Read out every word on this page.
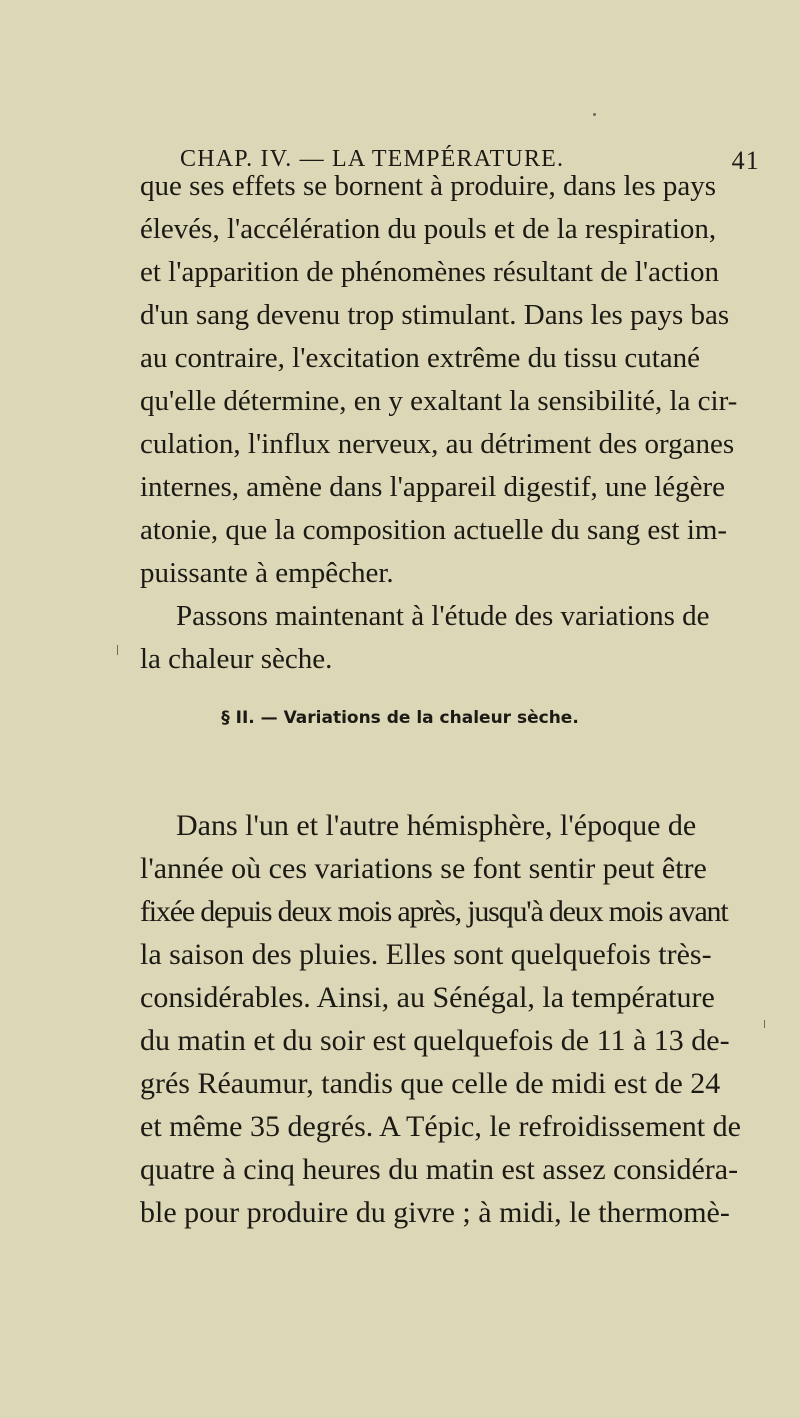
CHAP. IV. — LA TEMPÉRATURE.	41
que ses effets se bornent à produire, dans les pays
élevés, l'accélération du pouls et de la respiration,
et l'apparition de phénomènes résultant de l'action
d'un sang devenu trop stimulant. Dans les pays bas
au contraire, l'excitation extrême du tissu cutané
qu'elle détermine, en y exaltant la sensibilité, la cir-
culation, l'influx nerveux, au détriment des organes
internes, amène dans l'appareil digestif, une légère
atonie, que la composition actuelle du sang est im-
puissante à empêcher.
Passons maintenant à l'étude des variations de
la chaleur sèche.
§ II. — Variations de la chaleur sèche.
Dans l'un et l'autre hémisphère, l'époque de
l'année où ces variations se font sentir peut être
fixée depuis deux mois après, jusqu'à deux mois avant
la saison des pluies. Elles sont quelquefois très-
considérables. Ainsi, au Sénégal, la température
du matin et du soir est quelquefois de 11 à 13 de-
grés Réaumur, tandis que celle de midi est de 24
et même 35 degrés. A Tépic, le refroidissement de
quatre à cinq heures du matin est assez considéra-
ble pour produire du givre ; à midi, le thermomè-
